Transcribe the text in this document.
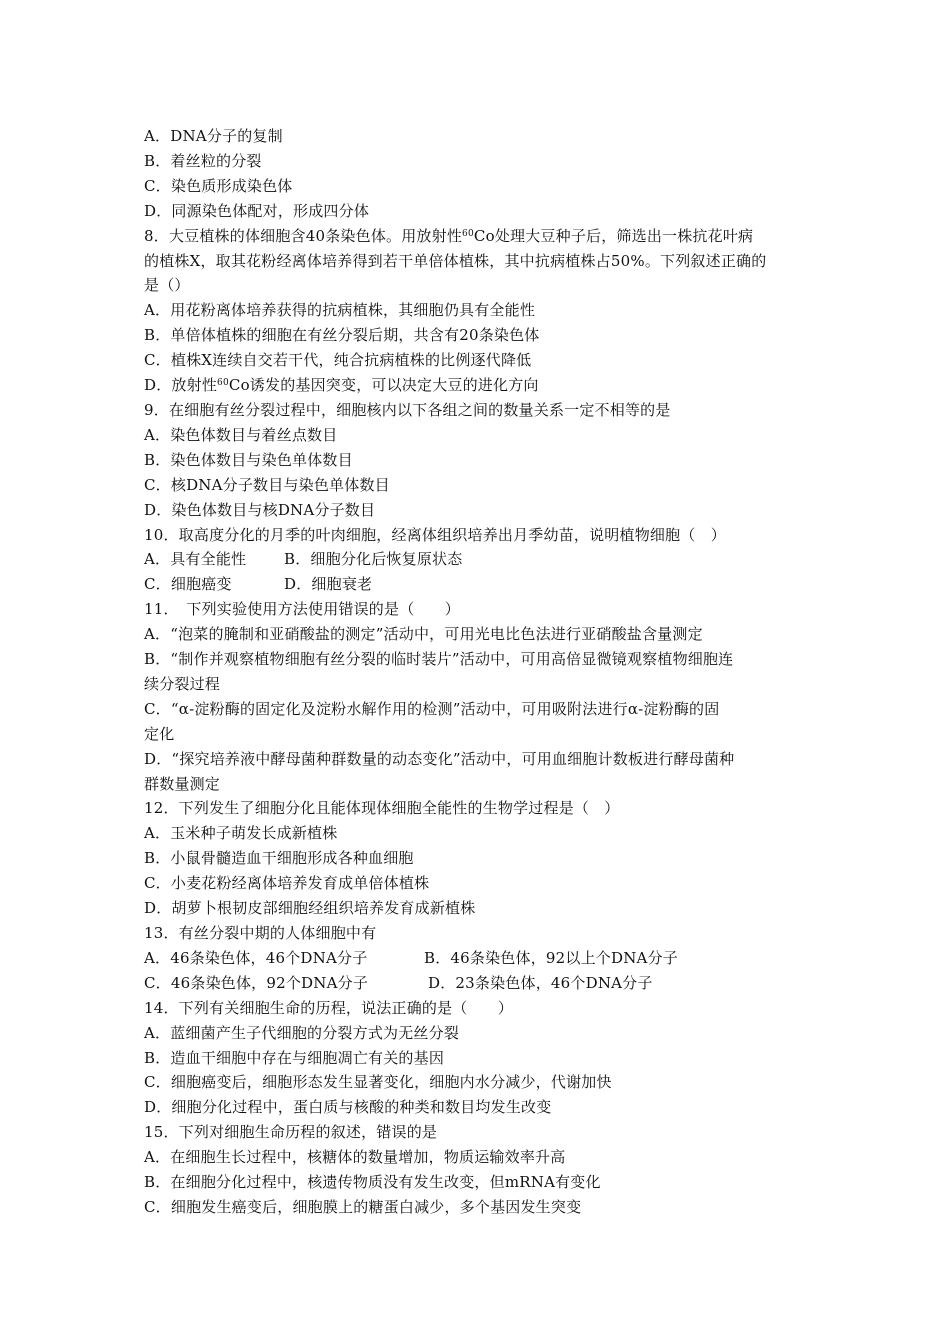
A．DNA分子的复制
B．着丝粒的分裂
C．染色质形成染色体
D．同源染色体配对，形成四分体
8．大豆植株的体细胞含40条染色体。用放射性$^{60}$Co处理大豆种子后，筛选出一株抗花叶病
的植株X，取其花粉经离体培养得到若干单倍体植株，其中抗病植株占50%。下列叙述正确的
是（）
A．用花粉离体培养获得的抗病植株，其细胞仍具有全能性
B．单倍体植株的细胞在有丝分裂后期，共含有20条染色体
C．植株X连续自交若干代，纯合抗病植株的比例逐代降低
D．放射性$^{60}$Co诱发的基因突变，可以决定大豆的进化方向
9．在细胞有丝分裂过程中，细胞核内以下各组之间的数量关系一定不相等的是
A．染色体数目与着丝点数目
B．染色体数目与染色单体数目
C．核DNA分子数目与染色单体数目
D．染色体数目与核DNA分子数目
10．取高度分化的月季的叶肉细胞，经离体组织培养出月季幼苗，说明植物细胞（　）
A．具有全能性	B．细胞分化后恢复原状态
C．细胞癌变	D．细胞衰老
11．　下列实验使用方法使用错误的是（　　）
A．“泡菜的腌制和亚硝酸盐的测定”活动中，可用光电比色法进行亚硝酸盐含量测定
B．“制作并观察植物细胞有丝分裂的临时装片”活动中，可用高倍显微镜观察植物细胞连
续分裂过程
C．“α-淀粉酶的固定化及淀粉水解作用的检测”活动中，可用吸附法进行α-淀粉酶的固
定化
D．“探究培养液中酵母菌种群数量的动态变化”活动中，可用血细胞计数板进行酵母菌种
群数量测定
12．下列发生了细胞分化且能体现体细胞全能性的生物学过程是（　）
A．玉米种子萌发长成新植株
B．小鼠骨髓造血干细胞形成各种血细胞
C．小麦花粉经离体培养发育成单倍体植株
D．胡萝卜根韧皮部细胞经组织培养发育成新植株
13．有丝分裂中期的人体细胞中有
A．46条染色体，46个DNA分子	B．46条染色体，92以上个DNA分子
C．46条染色体，92个DNA分子	D．23条染色体，46个DNA分子
14．下列有关细胞生命的历程，说法正确的是（　　）
A．蓝细菌产生子代细胞的分裂方式为无丝分裂
B．造血干细胞中存在与细胞凋亡有关的基因
C．细胞癌变后，细胞形态发生显著变化，细胞内水分减少，代谢加快
D．细胞分化过程中，蛋白质与核酸的种类和数目均发生改变
15．下列对细胞生命历程的叙述，错误的是
A．在细胞生长过程中，核糖体的数量增加，物质运输效率升高
B．在细胞分化过程中，核遗传物质没有发生改变，但mRNA有变化
C．细胞发生癌变后，细胞膜上的糖蛋白减少，多个基因发生突变
